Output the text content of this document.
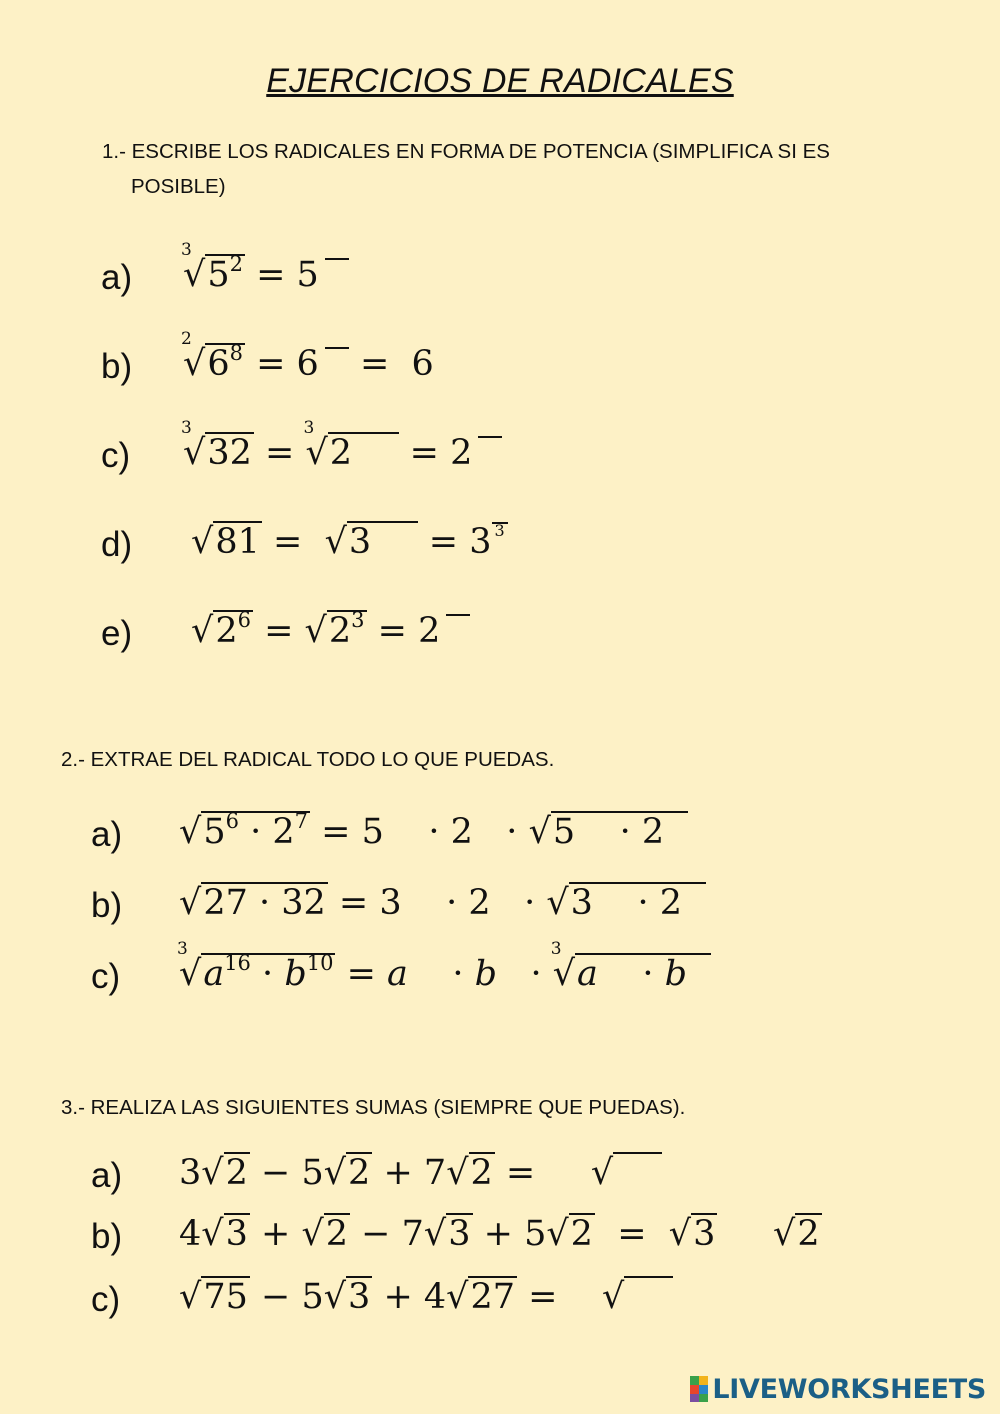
EJERCICIOS DE RADICALES
1.- ESCRIBE LOS RADICALES EN FORMA DE POTENCIA (SIMPLIFICA SI ES
POSIBLE)
a)
3
$√5^2 = 5$
b)
2
$√6^8 = 6 = 6$
c)
3
√32 =
3
√2     = 2
d) √81 =  √3     = 3 3
e) $√2^6 = √2^3 = 2$
2.- EXTRAE DEL RADICAL TODO LO QUE PUEDAS.
a) $√5^6 \cdot 2^7 = 5$    · 2   · √5    · 2
b) √27 · 32 = 3    · 2   · √3    · 2
c)
3
$√a^{16} \cdot b^{10} = a$    · b   ·
3
√a    · b
3.- REALIZA LAS SIGUIENTES SUMAS (SIEMPRE QUE PUEDAS).
a) 3√2 − 5√2 + 7√2 =     √
b) 4√3 + √2 − 7√3 + 5√2  =  √3 √2
c) √75 − 5√3 + 4√27 =    √
LIVEWORKSHEETS
